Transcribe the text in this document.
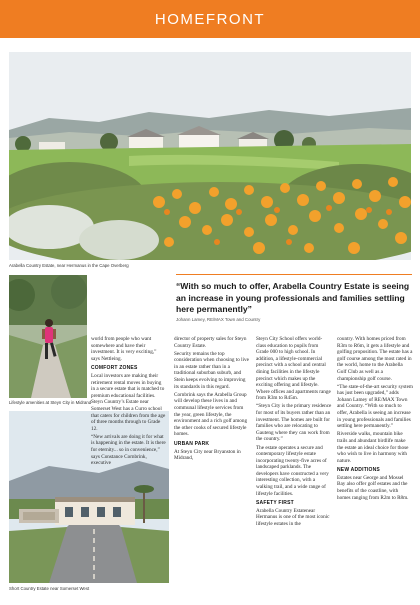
HOMEFRONT
Arabella Country Estate, near Hermanus in the Cape Overberg
“With so much to offer, Arabella Country Estate is seeing an increase in young professionals and families settling here permanently”
Johann Lamey, RE/MAX Town and Country
Lifestyle amenities at Steyn City in Midrand
Short Country Estate near Somerset West

world from people who want somewhere and have their investment. It is very exciting,” says Nettleing.

COMFORT ZONES

Local investors are making their retirement rental moves in buying in a secure estate that is matched to premium educational facilities. Steyn Country’s Estate near Somerset West has a Curro school that caters for children from the age of three months through to Grade 12.

“New arrivals are doing it for what is happening in the estate. It is there for eternity... so in convenience,” says Constance Cornbrink, executive

director of property sales for Steyn Country Estate.

Security remains the top consideration when choosing to live in an estate rather than in a traditional suburban suburb, and Stein keeps evolving to improving its standards in this regard.

Cornbrink says the Arabella Group will develop these lives in and communal lifestyle services from the year, green lifestyle, the environment and a rich golf among the other cooks of secured lifestyle homes.

URBAN PARK

At Steyn City near Bryanston in Midrand,

Steyn City School offers world-class education to pupils from Grade 000 to high school. In addition, a lifestyle-commercial precinct with a school and central dining facilities in the lifestyle precinct which makes up the exciting offering and lifestyle. Where offices and apartments range from R3m to R45m.

“Steyn City is the primary residence for most of its buyers rather than an investment. The homes are built for families who are relocating to Gauteng where they can work from the country.”

The estate operates a secure and contemporary lifestyle estate incorporating twenty-five acres of landscaped parklands. The developers have constructed a very interesting collection, with a walking trail, and a wide range of lifestyle facilities.

SAFETY FIRST

Arabella Country Estatenear Hermanus is one of the most iconic lifestyle estates in the

country. With homes priced from R3m to R6m, it gets a lifestyle and golfing proposition. The estate has a golf course among the most rated in the world, home to the Arabella Golf Club as well as a championship golf course.

“The state-of-the-art security system has just been upgraded,” adds Johann Lamey of RE/MAX Town and Country. “With so much to offer, Arabella is seeing an increase in young professionals and families settling here permanently.”

Riverside walks, mountain bike trails and abundant birdlife make the estate an ideal choice for those who wish to live in harmony with nature.

NEW ADDITIONS

Estates near George and Mossel Bay also offer golf estates and the benefits of the coastline, with homes ranging from R2m to R8m.
